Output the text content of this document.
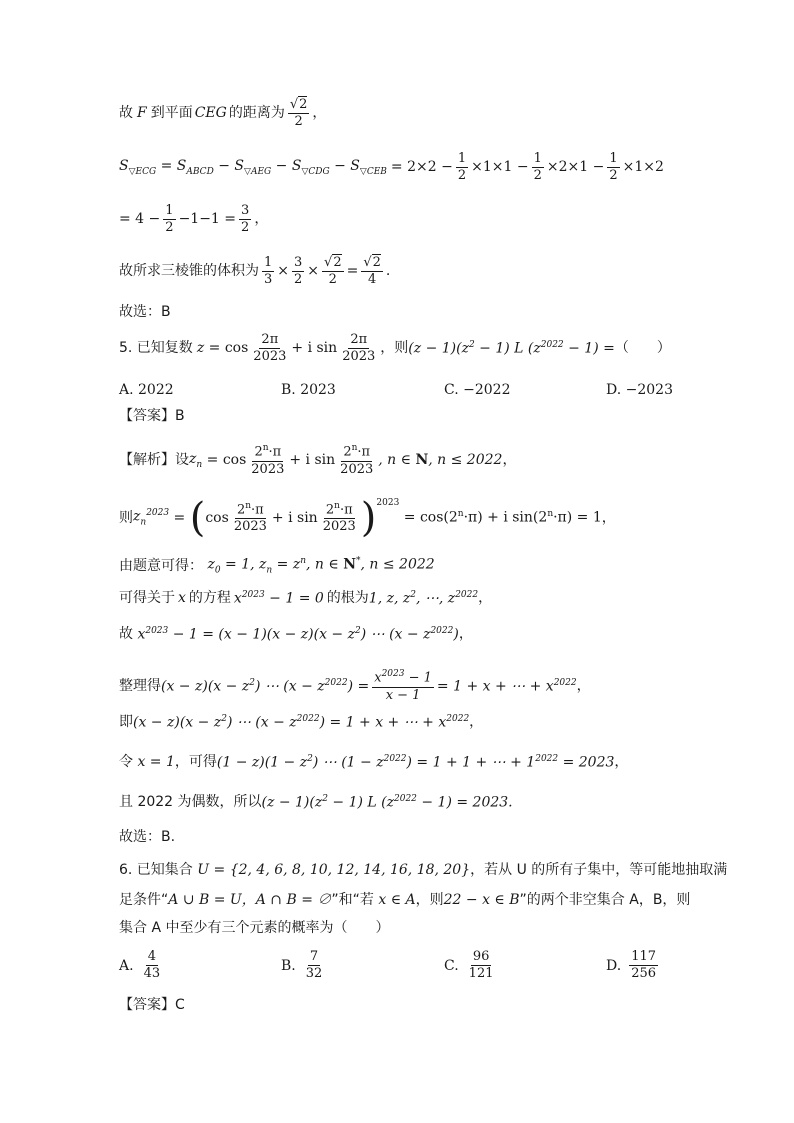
故 F 到平面 CEG 的距离为 $\frac{√2}{2}$ ，
$S_{▽ECG} = S_{ABCD} - S_{▽AEG} - S_{▽CDG} - S_{▽CEB} = 2\times 2 - \frac{1}{2} \times 1\times 1 - \frac{1}{2} \times 2\times 1 - \frac{1}{2} \times 1\times 2$
= $4 - \frac{1}{2} -1-1 = \frac{3}{2}$ ，
故所求三棱锥的体积为 $\frac{1}{3} \times \frac{3}{2} \times \frac{√2}{2} = \frac{√2}{4}$ .
故选：B
5. 已知复数 $z = \cos \frac{2\pi}{2023} + i$ $\sin \frac{2\pi}{2023}$ ，则 $(z - 1)(z^2 - 1)$ L $(z^{2022} - 1)$ = （　　）
A. 2022	B. 2023	C. −2022	D. −2023
【答案】B
【解析】设 $z_n = \cos \frac{2^n\cdot\pi}{2023} + i$ $\sin \frac{2^n\cdot\pi}{2023}$ , n ∈ N, n ≤ 2022 ，
则 $z_n^{2023}$ = ( $\cos \frac{2^n\cdot\pi}{2023} + i$ $\sin \frac{2^n\cdot\pi}{2023} )^{2023}$
= $\cos(2^n\cdot\pi) + i$ $\sin(2^n\cdot\pi) = 1$ ，
由题意可得： $z_0 = 1$, $z_n = z^n$, n ∈ N*, n ≤ 2022
可得关于 x 的方程 $x^{2023} - 1 = 0$ 的根为 1, z, $z^2$, ⋯, $z^{2022}$ ，
故 $x^{2023} - 1 = (x - 1)(x - z)(x - z^2)$ ⋯ $(x - z^{2022})$ ，
整理得 $(x - z)(x - z^2)$ ⋯ $(x - z^{2022}) = \frac{x^{2023} - 1}{x - 1} = 1 + x$ + ⋯ + $x^{2022}$ ，
即 $(x - z)(x - z^2)$ ⋯ $(x - z^{2022}) = 1 + x$ + ⋯ + $x^{2022}$ ，
令 x = 1 ，可得 $(1 - z)(1 - z^2)$ ⋯ $(1 - z^{2022}) = 1 + 1$ + ⋯ + $1^{2022} = 2023$ ，
且 2022 为偶数，所以 $(z - 1)(z^2 - 1)$ L $(z^{2022} - 1) = 2023$.
故选：B.
6. 已知集合 U = {2, 4, 6, 8, 10, 12, 14, 16, 18, 20} ，若从 U 的所有子集中，等可能地抽取满
足条件“ A ∪ B = U，A ∩ B = ∅ ”和“若 x ∈ A ，则 22 − x ∈ B ”的两个非空集合 A，B，则
集合 A 中至少有三个元素的概率为（　　）
A. $\frac{4}{43}$	B. $\frac{7}{32}$	C. $\frac{96}{121}$	D. $\frac{117}{256}$
【答案】C
